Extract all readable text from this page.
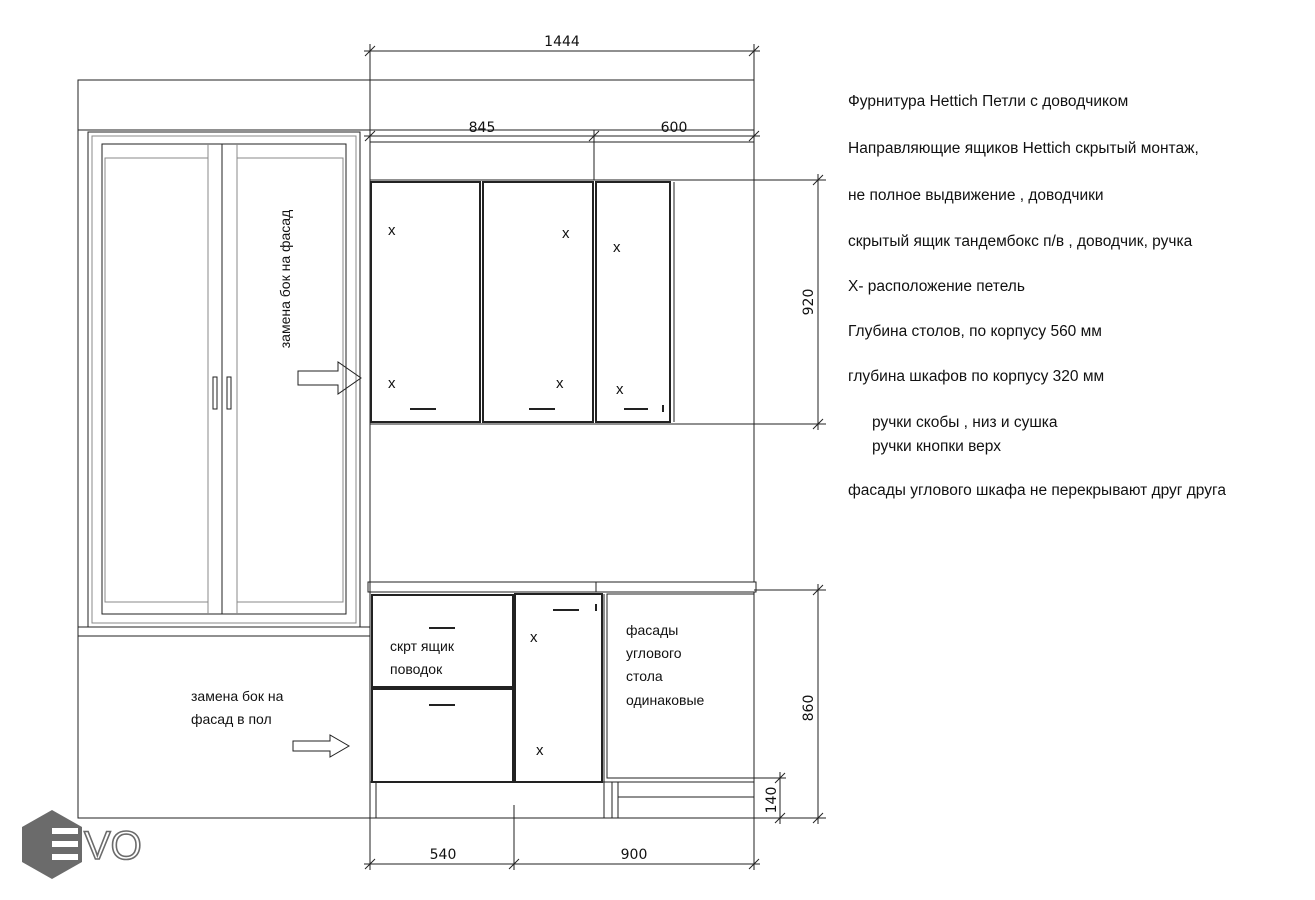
1444
845	600
920
860
140
540	900
x
x
x
x
x
x
x
x
замена бок на фасад
замена бок на
фасад в пол
скрт ящик
поводок
фасады
углового
стола
одинаковые
Фурнитура Hettich Петли с доводчиком
Направляющие ящиков Hettich скрытый монтаж,
не полное выдвижение , доводчики
скрытый ящик тандембокс п/в , доводчик, ручка
Х- расположение петель
Глубина столов, по корпусу 560 мм
глубина шкафов по корпусу 320 мм
ручки скобы , низ и сушка
ручки кнопки верх
фасады углового шкафа не перекрывают друг друга
VO
